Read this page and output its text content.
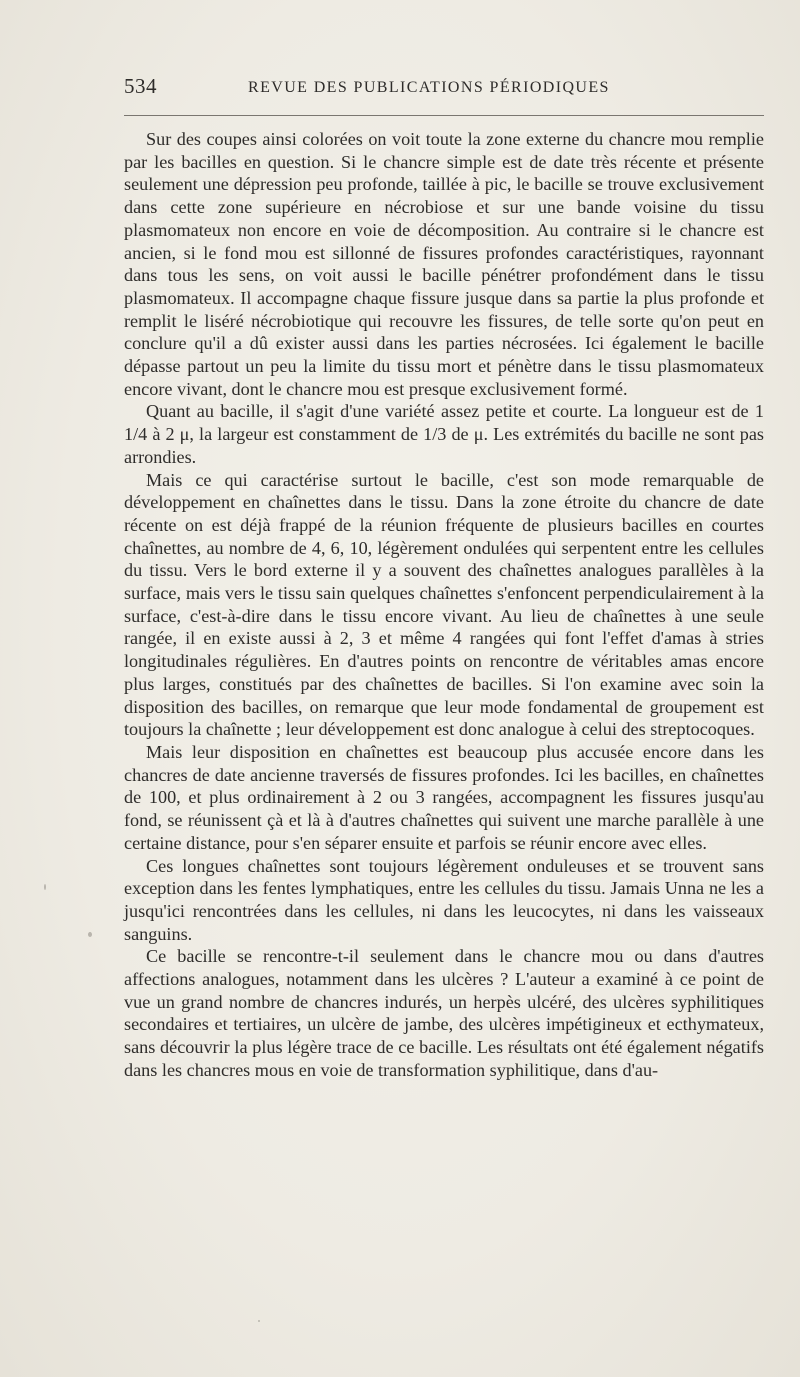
534	REVUE DES PUBLICATIONS PÉRIODIQUES

Sur des coupes ainsi colorées on voit toute la zone externe du chancre mou remplie par les bacilles en question. Si le chancre simple est de date très récente et présente seulement une dépression peu profonde, taillée à pic, le bacille se trouve exclusivement dans cette zone supérieure en nécrobiose et sur une bande voisine du tissu plasmomateux non encore en voie de décomposition. Au contraire si le chancre est ancien, si le fond mou est sillonné de fissures profondes caractéristiques, rayonnant dans tous les sens, on voit aussi le bacille pénétrer profondément dans le tissu plasmomateux. Il accompagne chaque fissure jusque dans sa partie la plus profonde et remplit le liséré nécrobiotique qui recouvre les fissures, de telle sorte qu'on peut en conclure qu'il a dû exister aussi dans les parties nécrosées. Ici également le bacille dépasse partout un peu la limite du tissu mort et pénètre dans le tissu plasmomateux encore vivant, dont le chancre mou est presque exclusivement formé.

Quant au bacille, il s'agit d'une variété assez petite et courte. La longueur est de 1 1/4 à 2 μ, la largeur est constamment de 1/3 de μ. Les extrémités du bacille ne sont pas arrondies.

Mais ce qui caractérise surtout le bacille, c'est son mode remarquable de développement en chaînettes dans le tissu. Dans la zone étroite du chancre de date récente on est déjà frappé de la réunion fréquente de plusieurs bacilles en courtes chaînettes, au nombre de 4, 6, 10, légèrement ondulées qui serpentent entre les cellules du tissu. Vers le bord externe il y a souvent des chaînettes analogues parallèles à la surface, mais vers le tissu sain quelques chaînettes s'enfoncent perpendiculairement à la surface, c'est-à-dire dans le tissu encore vivant. Au lieu de chaînettes à une seule rangée, il en existe aussi à 2, 3 et même 4 rangées qui font l'effet d'amas à stries longitudinales régulières. En d'autres points on rencontre de véritables amas encore plus larges, constitués par des chaînettes de bacilles. Si l'on examine avec soin la disposition des bacilles, on remarque que leur mode fondamental de groupement est toujours la chaînette ; leur développement est donc analogue à celui des streptocoques.

Mais leur disposition en chaînettes est beaucoup plus accusée encore dans les chancres de date ancienne traversés de fissures profondes. Ici les bacilles, en chaînettes de 100, et plus ordinairement à 2 ou 3 rangées, accompagnent les fissures jusqu'au fond, se réunissent çà et là à d'autres chaînettes qui suivent une marche parallèle à une certaine distance, pour s'en séparer ensuite et parfois se réunir encore avec elles.

Ces longues chaînettes sont toujours légèrement onduleuses et se trouvent sans exception dans les fentes lymphatiques, entre les cellules du tissu. Jamais Unna ne les a jusqu'ici rencontrées dans les cellules, ni dans les leucocytes, ni dans les vaisseaux sanguins.

Ce bacille se rencontre-t-il seulement dans le chancre mou ou dans d'autres affections analogues, notamment dans les ulcères ? L'auteur a examiné à ce point de vue un grand nombre de chancres indurés, un herpès ulcéré, des ulcères syphilitiques secondaires et tertiaires, un ulcère de jambe, des ulcères impétigineux et ecthymateux, sans découvrir la plus légère trace de ce bacille. Les résultats ont été également négatifs dans les chancres mous en voie de transformation syphilitique, dans d'au-
